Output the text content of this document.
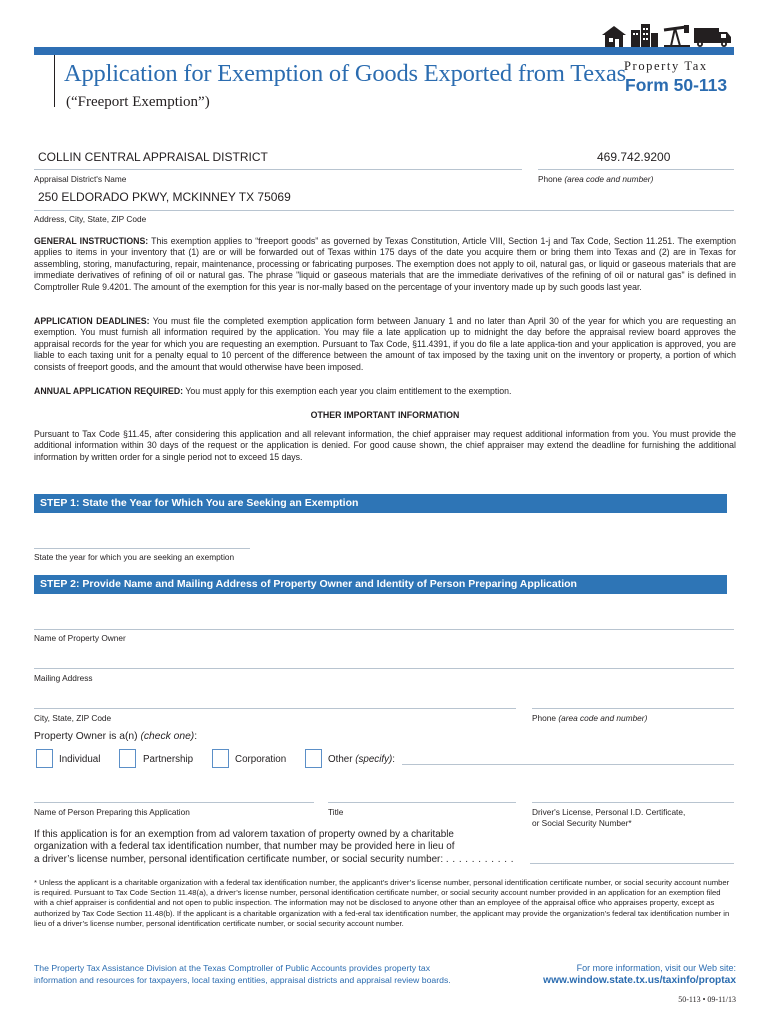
Application for Exemption of Goods Exported from Texas
(“Freeport Exemption”)
Property Tax
Form 50-113
COLLIN CENTRAL APPRAISAL DISTRICT	469.742.9200
Appraisal District's Name	Phone (area code and number)
250 ELDORADO PKWY, MCKINNEY TX 75069
Address, City, State, ZIP Code
GENERAL INSTRUCTIONS: This exemption applies to “freeport goods” as governed by Texas Constitution, Article VIII, Section 1-j and Tax Code, Section 11.251. The exemption applies to items in your inventory that (1) are or will be forwarded out of Texas within 175 days of the date you acquire them or bring them into Texas and (2) are in Texas for assembling, storing, manufacturing, repair, maintenance, processing or fabricating purposes. The exemption does not apply to oil, natural gas, or liquid or gaseous materials that are immediate derivatives of refining of oil or natural gas. The phrase "liquid or gaseous materials that are the immediate derivatives of the refining of oil or natural gas" is defined in Comptroller Rule 9.4201. The amount of the exemption for this year is nor-mally based on the percentage of your inventory made up by such goods last year.
APPLICATION DEADLINES: You must file the completed exemption application form between January 1 and no later than April 30 of the year for which you are requesting an exemption. You must furnish all information required by the application. You may file a late application up to midnight the day before the appraisal review board approves the appraisal records for the year for which you are requesting an exemption. Pursuant to Tax Code, §11.4391, if you do file a late applica-tion and your application is approved, you are liable to each taxing unit for a penalty equal to 10 percent of the difference between the amount of tax imposed by the taxing unit on the inventory or property, a portion of which consists of freeport goods, and the amount that would otherwise have been imposed.
ANNUAL APPLICATION REQUIRED: You must apply for this exemption each year you claim entitlement to the exemption.
OTHER IMPORTANT INFORMATION
Pursuant to Tax Code §11.45, after considering this application and all relevant information, the chief appraiser may request additional information from you. You must provide the additional information within 30 days of the request or the application is denied. For good cause shown, the chief appraiser may extend the deadline for furnishing the additional information by written order for a single period not to exceed 15 days.
STEP 1: State the Year for Which You are Seeking an Exemption
State the year for which you are seeking an exemption
STEP 2: Provide Name and Mailing Address of Property Owner and Identity of Person Preparing Application
Name of Property Owner
Mailing Address
City, State, ZIP Code	Phone (area code and number)
Property Owner is a(n) (check one):
Individual	Partnership	Corporation	Other (specify):
Name of Person Preparing this Application	Title	Driver's License, Personal I.D. Certificate,
or Social Security Number*
If this application is for an exemption from ad valorem taxation of property owned by a charitable
organization with a federal tax identification number, that number may be provided here in lieu of
a driver’s license number, personal identification certificate number, or social security number: . . . . . . . . . . .
* Unless the applicant is a charitable organization with a federal tax identification number, the applicant’s driver’s license number, personal identification certificate number, or social security account number is required. Pursuant to Tax Code Section 11.48(a), a driver’s license number, personal identification certificate number, or social security account number provided in an application for an exemption filed with a chief appraiser is confidential and not open to public inspection. The information may not be disclosed to anyone other than an employee of the appraisal office who appraises property, except as authorized by Tax Code Section 11.48(b). If the applicant is a charitable organization with a fed-eral tax identification number, the applicant may provide the organization’s federal tax identification number in lieu of a driver’s license number, personal identification certificate number, or social security account number.
The Property Tax Assistance Division at the Texas Comptroller of Public Accounts provides property tax
information and resources for taxpayers, local taxing entities, appraisal districts and appraisal review boards.
For more information, visit our Web site:
www.window.state.tx.us/taxinfo/proptax
50-113 • 09-11/13
